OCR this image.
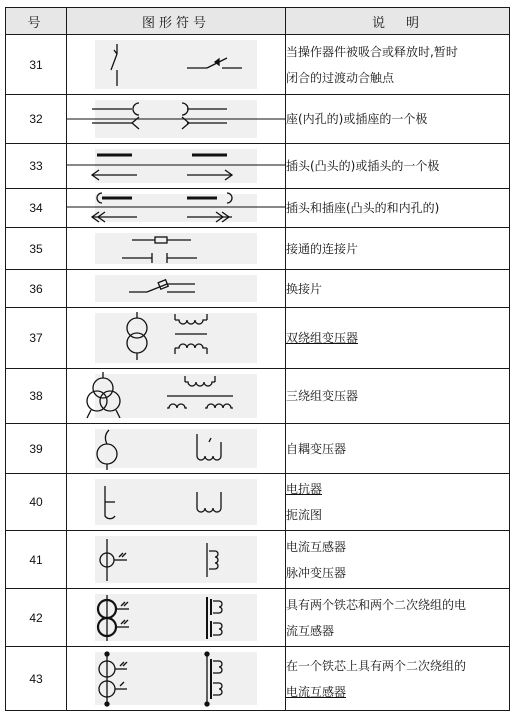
号	图形符号	说　明
31		当操作器件被吸合或释放时,暂时
闭合的过渡动合触点

32		座(内孔的)或插座的一个极

33		插头(凸头的)或插头的一个极

34		插头和插座(凸头的和内孔的)

35		接通的连接片

36		换接片

37		双绕组变压器

38		三绕组变压器

39		自耦变压器

40		电抗器
扼流图

41		电流互感器
脉冲变压器

42		具有两个铁芯和两个二次绕组的电
流互感器

43		在一个铁芯上具有两个二次绕组的
电流互感器
